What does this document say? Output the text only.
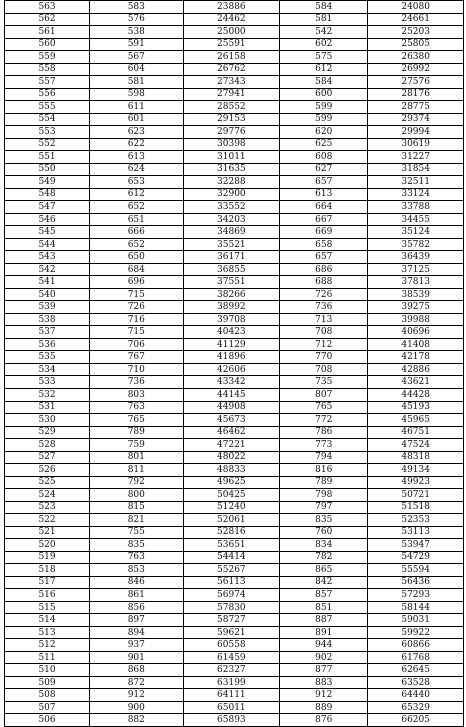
563	583	23886	584	24080
562	576	24462	581	24661
561	538	25000	542	25203
560	591	25591	602	25805
559	567	26158	575	26380
558	604	26762	612	26992
557	581	27343	584	27576
556	598	27941	600	28176
555	611	28552	599	28775
554	601	29153	599	29374
553	623	29776	620	29994
552	622	30398	625	30619
551	613	31011	608	31227
550	624	31635	627	31854
549	653	32288	657	32511
548	612	32900	613	33124
547	652	33552	664	33788
546	651	34203	667	34455
545	666	34869	669	35124
544	652	35521	658	35782
543	650	36171	657	36439
542	684	36855	686	37125
541	696	37551	688	37813
540	715	38266	726	38539
539	726	38992	736	39275
538	716	39708	713	39988
537	715	40423	708	40696
536	706	41129	712	41408
535	767	41896	770	42178
534	710	42606	708	42886
533	736	43342	735	43621
532	803	44145	807	44428
531	763	44908	765	45193
530	765	45673	772	45965
529	789	46462	786	46751
528	759	47221	773	47524
527	801	48022	794	48318
526	811	48833	816	49134
525	792	49625	789	49923
524	800	50425	798	50721
523	815	51240	797	51518
522	821	52061	835	52353
521	755	52816	760	53113
520	835	53651	834	53947
519	763	54414	782	54729
518	853	55267	865	55594
517	846	56113	842	56436
516	861	56974	857	57293
515	856	57830	851	58144
514	897	58727	887	59031
513	894	59621	891	59922
512	937	60558	944	60866
511	901	61459	902	61768
510	868	62327	877	62645
509	872	63199	883	63528
508	912	64111	912	64440
507	900	65011	889	65329
506	882	65893	876	66205
